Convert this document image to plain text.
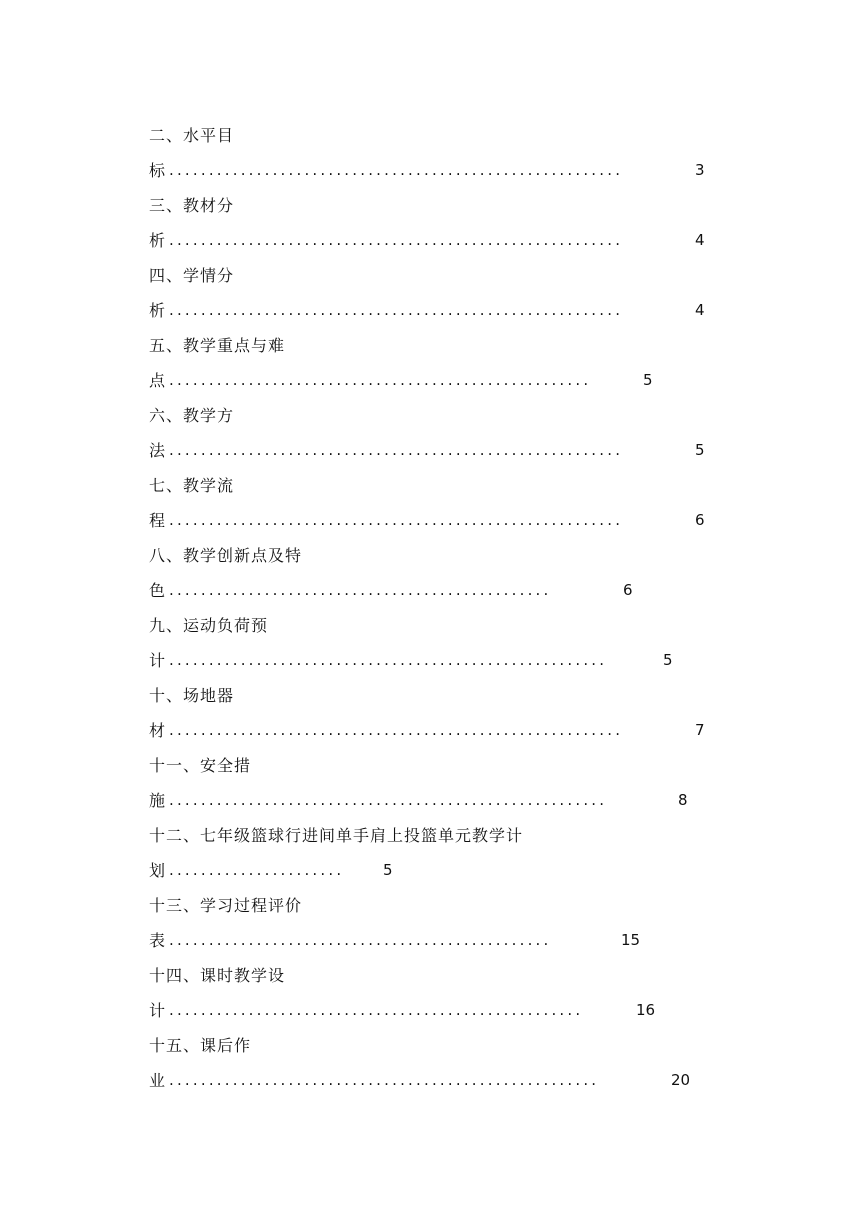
二、水平目
标 .........................................................	3
三、教材分
析 .........................................................	4
四、学情分
析 .........................................................	4
五、教学重点与难
点 .....................................................	5
六、教学方
法 .........................................................	5
七、教学流
程 .........................................................	6
八、教学创新点及特
色 ................................................	6
九、运动负荷预
计 .......................................................	5
十、场地器
材 .........................................................	7
十一、安全措
施 .......................................................	8
十二、七年级篮球行进间单手肩上投篮单元教学计
划 ......................	5
十三、学习过程评价
表 ................................................	15
十四、课时教学设
计 ....................................................	16
十五、课后作
业 ......................................................	20
